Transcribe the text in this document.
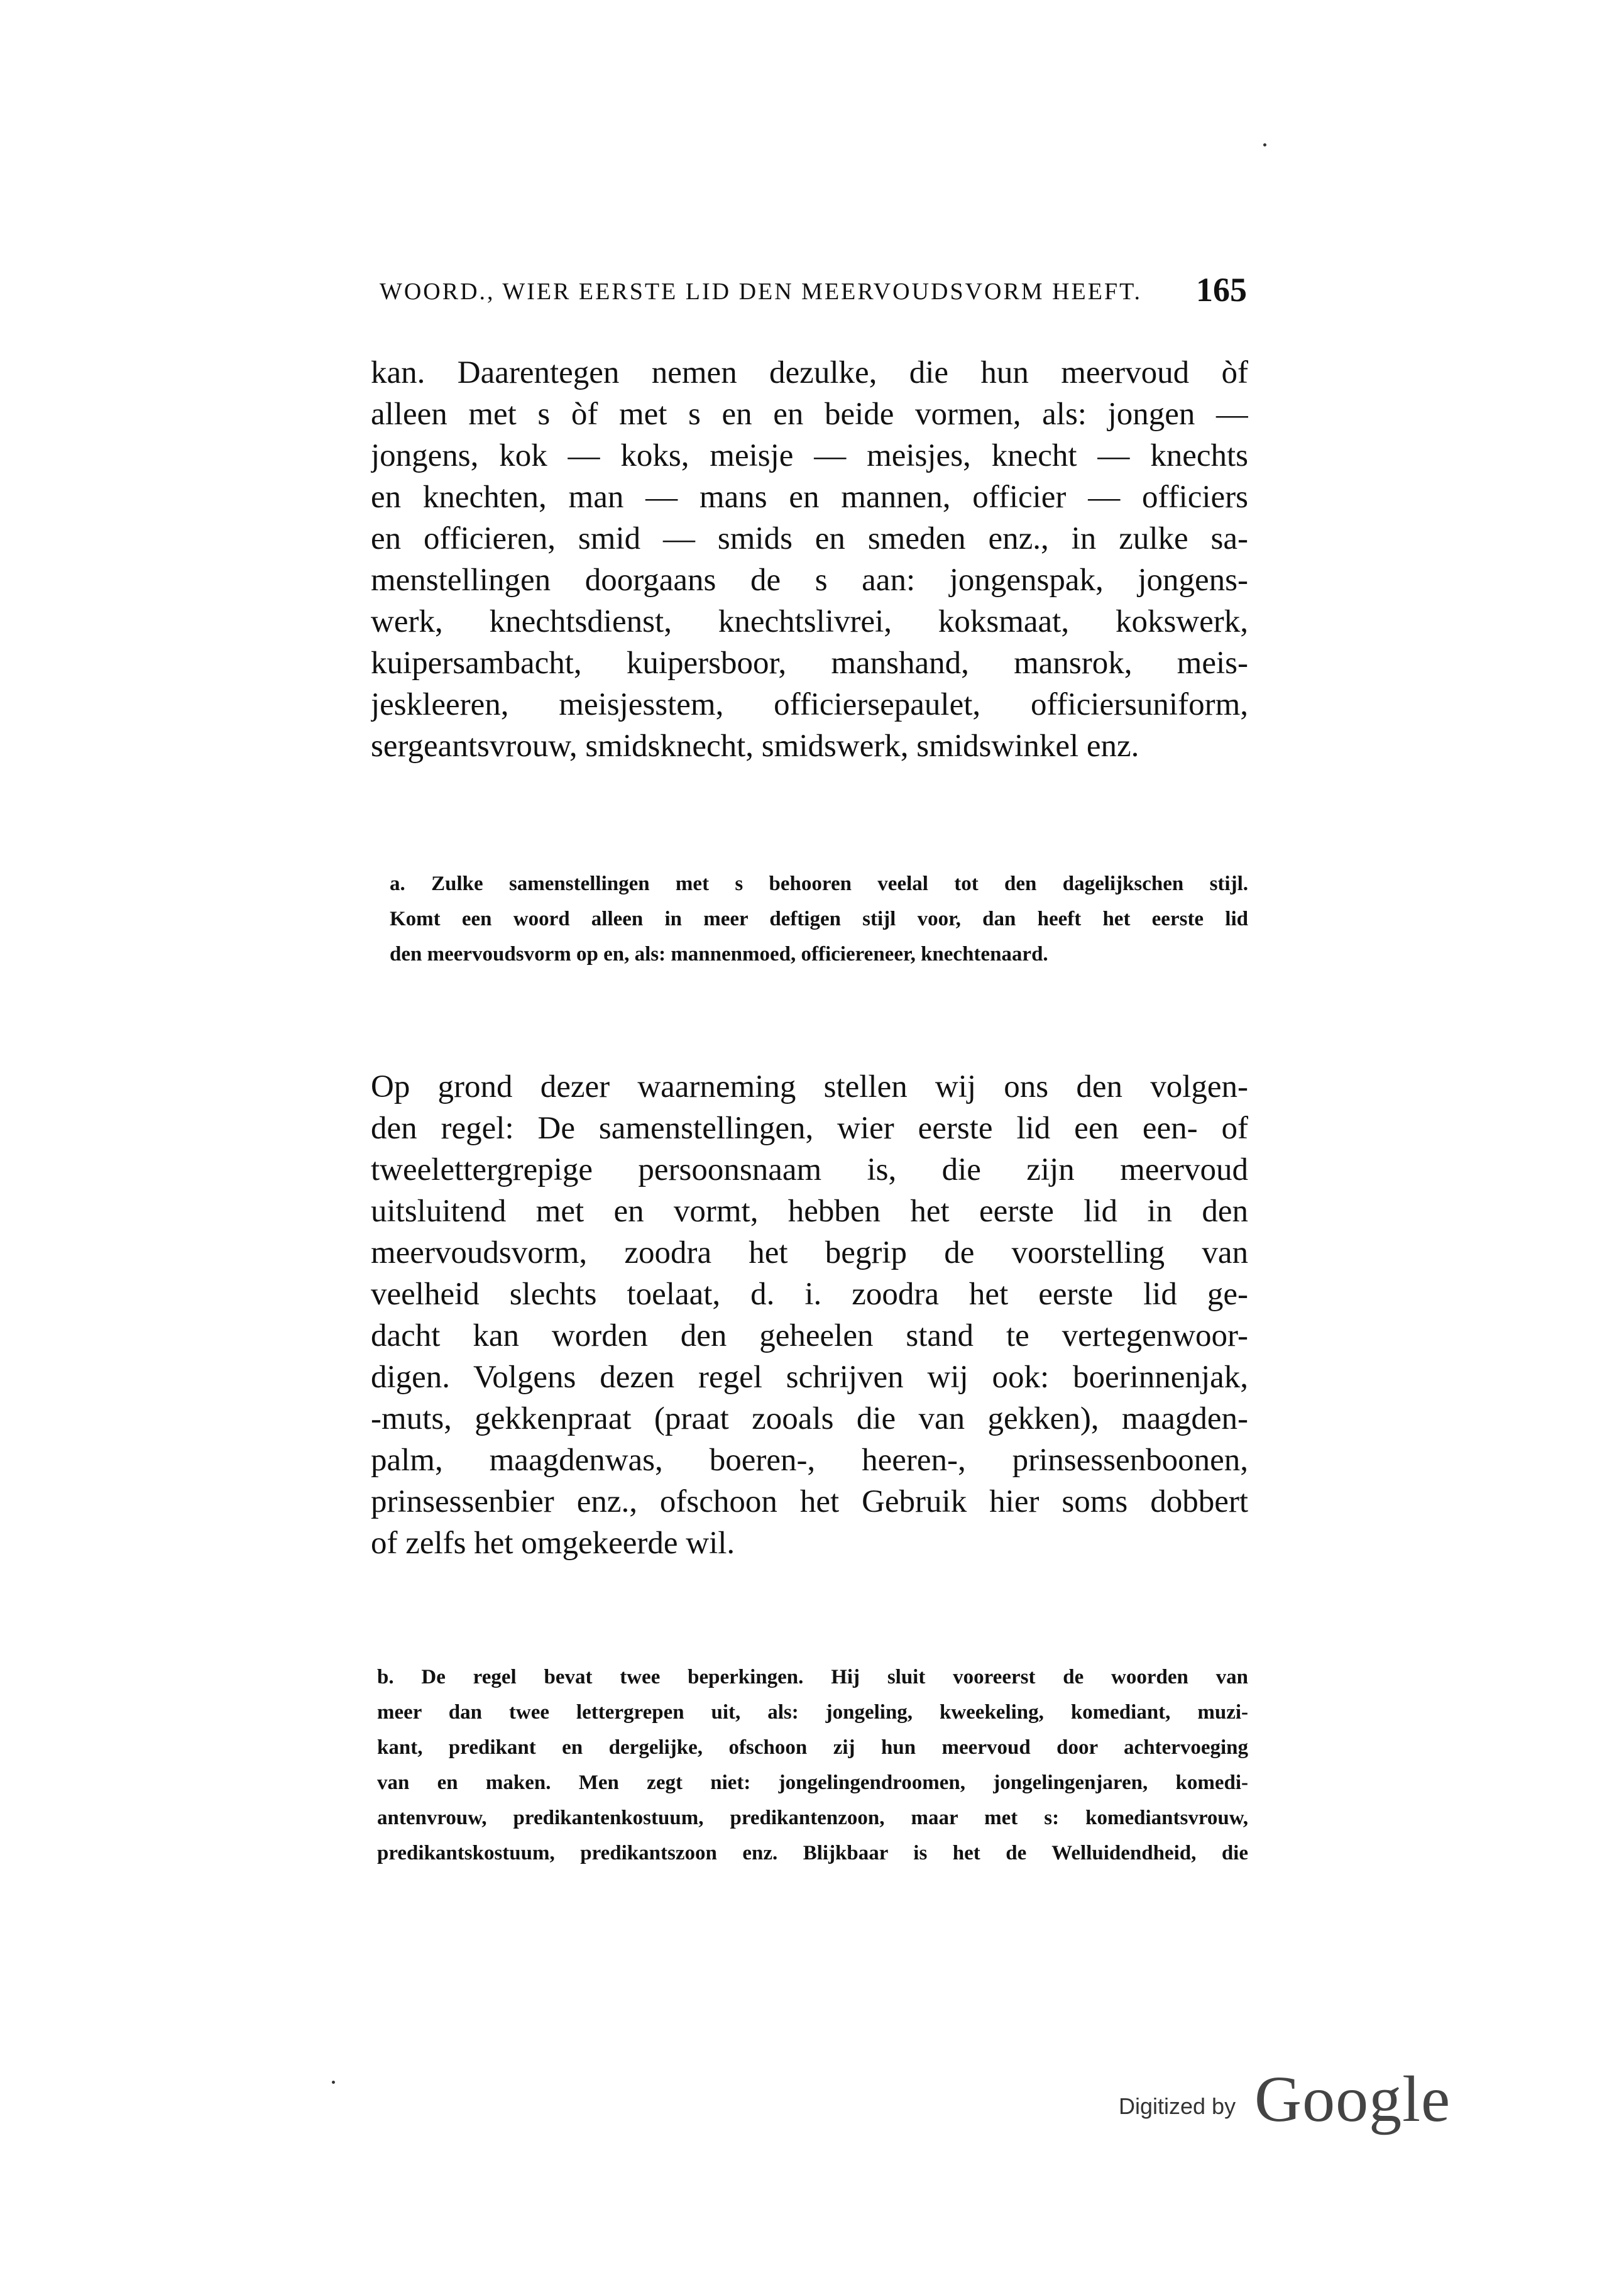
WOORD., WIER EERSTE LID DEN MEERVOUDSVORM HEEFT. 165
kan. Daarentegen nemen dezulke, die hun meervoud òf
alleen met s òf met s en en beide vormen, als: jongen —
jongens, kok — koks, meisje — meisjes, knecht — knechts
en knechten, man — mans en mannen, officier — officiers
en officieren, smid — smids en smeden enz., in zulke sa-
menstellingen doorgaans de s aan: jongenspak, jongens-
werk, knechtsdienst, knechtslivrei, koksmaat, kokswerk,
kuipersambacht, kuipersboor, manshand, mansrok, meis-
jeskleeren, meisjesstem, officiersepaulet, officiersuniform,
sergeantsvrouw, smidsknecht, smidswerk, smidswinkel enz.
a. Zulke samenstellingen met s behooren veelal tot den dagelijkschen stijl.
Komt een woord alleen in meer deftigen stijl voor, dan heeft het eerste lid
den meervoudsvorm op en, als: mannenmoed, officiereneer, knechtenaard.
Op grond dezer waarneming stellen wij ons den volgen-
den regel: De samenstellingen, wier eerste lid een een- of
tweelettergrepige persoonsnaam is, die zijn meervoud
uitsluitend met en vormt, hebben het eerste lid in den
meervoudsvorm, zoodra het begrip de voorstelling van
veelheid slechts toelaat, d. i. zoodra het eerste lid ge-
dacht kan worden den geheelen stand te vertegenwoor-
digen. Volgens dezen regel schrijven wij ook: boerinnenjak,
-muts, gekkenpraat (praat zooals die van gekken), maagden-
palm, maagdenwas, boeren-, heeren-, prinsessenboonen,
prinsessenbier enz., ofschoon het Gebruik hier soms dobbert
of zelfs het omgekeerde wil.
b. De regel bevat twee beperkingen. Hij sluit vooreerst de woorden van
meer dan twee lettergrepen uit, als: jongeling, kweekeling, komediant, muzi-
kant, predikant en dergelijke, ofschoon zij hun meervoud door achtervoeging
van en maken. Men zegt niet: jongelingendroomen, jongelingenjaren, komedi-
antenvrouw, predikantenkostuum, predikantenzoon, maar met s: komediantsvrouw,
predikantskostuum, predikantszoon enz. Blijkbaar is het de Welluidendheid, die
Digitized by Google
